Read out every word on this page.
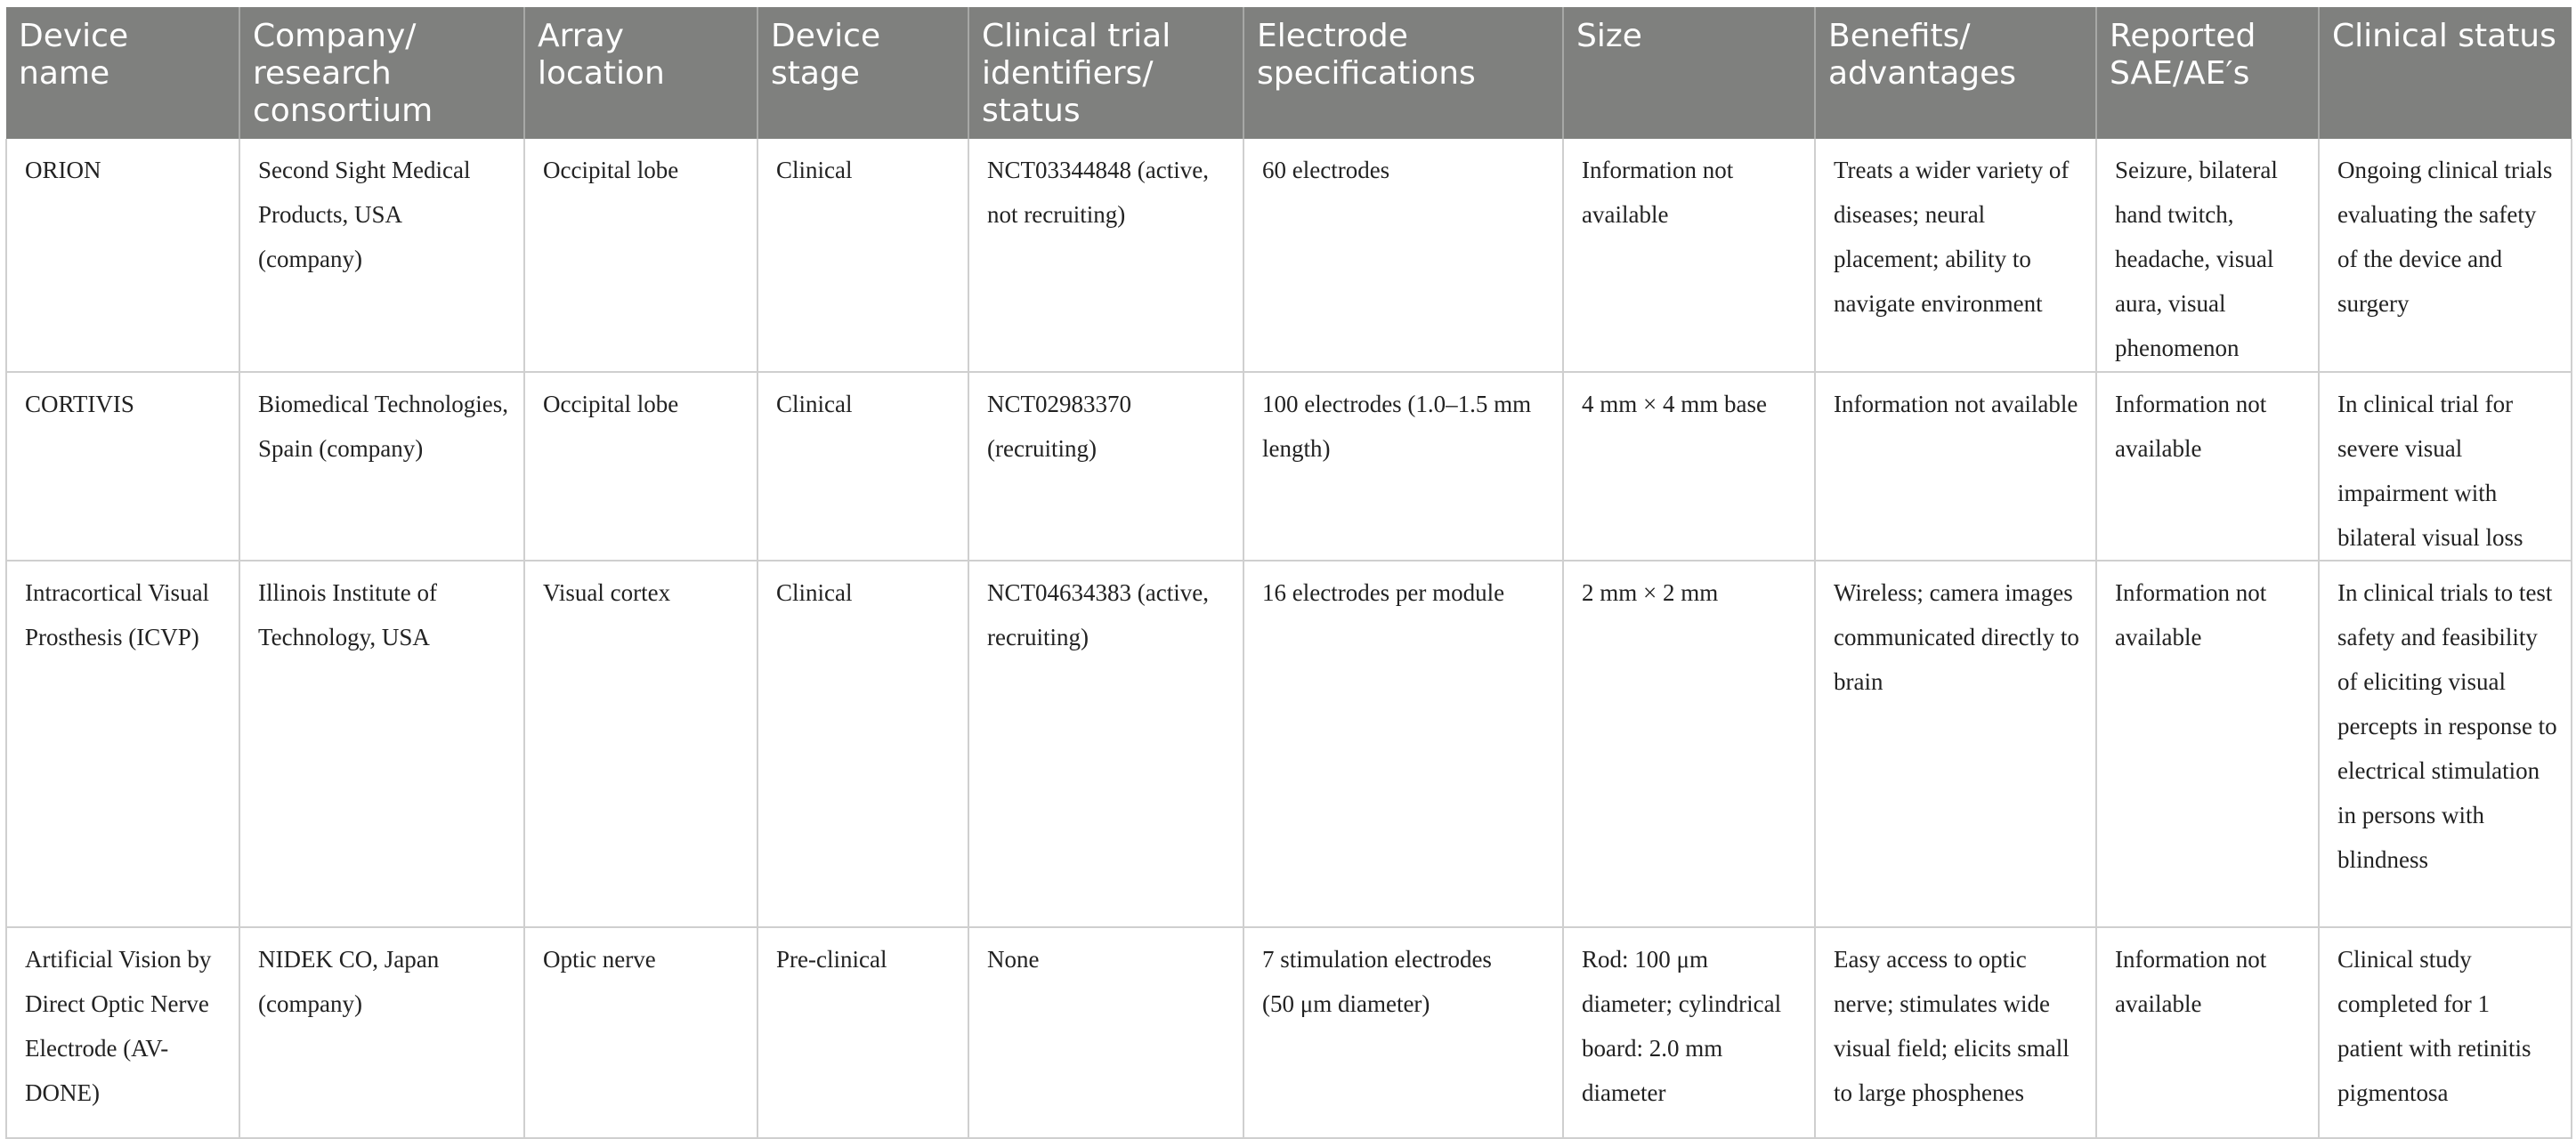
Device name	Company/ research consortium	Array location	Device stage	Clinical trial identifiers/ status	Electrode specifications	Size	Benefits/ advantages	Reported SAE/AE′s	Clinical status
ORION	Second Sight Medical Products, USA (company)	Occipital lobe	Clinical	NCT03344848 (active, not recruiting)	60 electrodes	Information not available	Treats a wider variety of diseases; neural placement; ability to navigate environment	Seizure, bilateral hand twitch, headache, visual aura, visual phenomenon	Ongoing clinical trials evaluating the safety of the device and surgery
CORTIVIS	Biomedical Technologies, Spain (company)	Occipital lobe	Clinical	NCT02983370 (recruiting)	100 electrodes (1.0–1.5 mm length)	4 mm × 4 mm base	Information not available	Information not available	In clinical trial for severe visual impairment with bilateral visual loss
Intracortical Visual Prosthesis (ICVP)	Illinois Institute of Technology, USA	Visual cortex	Clinical	NCT04634383 (active, recruiting)	16 electrodes per module	2 mm × 2 mm	Wireless; camera images communicated directly to brain	Information not available	In clinical trials to test safety and feasibility of eliciting visual percepts in response to electrical stimulation in persons with blindness
Artificial Vision by Direct Optic Nerve Electrode (AV-DONE)	NIDEK CO, Japan (company)	Optic nerve	Pre-clinical	None	7 stimulation electrodes (50 μm diameter)	Rod: 100 μm diameter; cylindrical board: 2.0 mm diameter	Easy access to optic nerve; stimulates wide visual field; elicits small to large phosphenes	Information not available	Clinical study completed for 1 patient with retinitis pigmentosa
